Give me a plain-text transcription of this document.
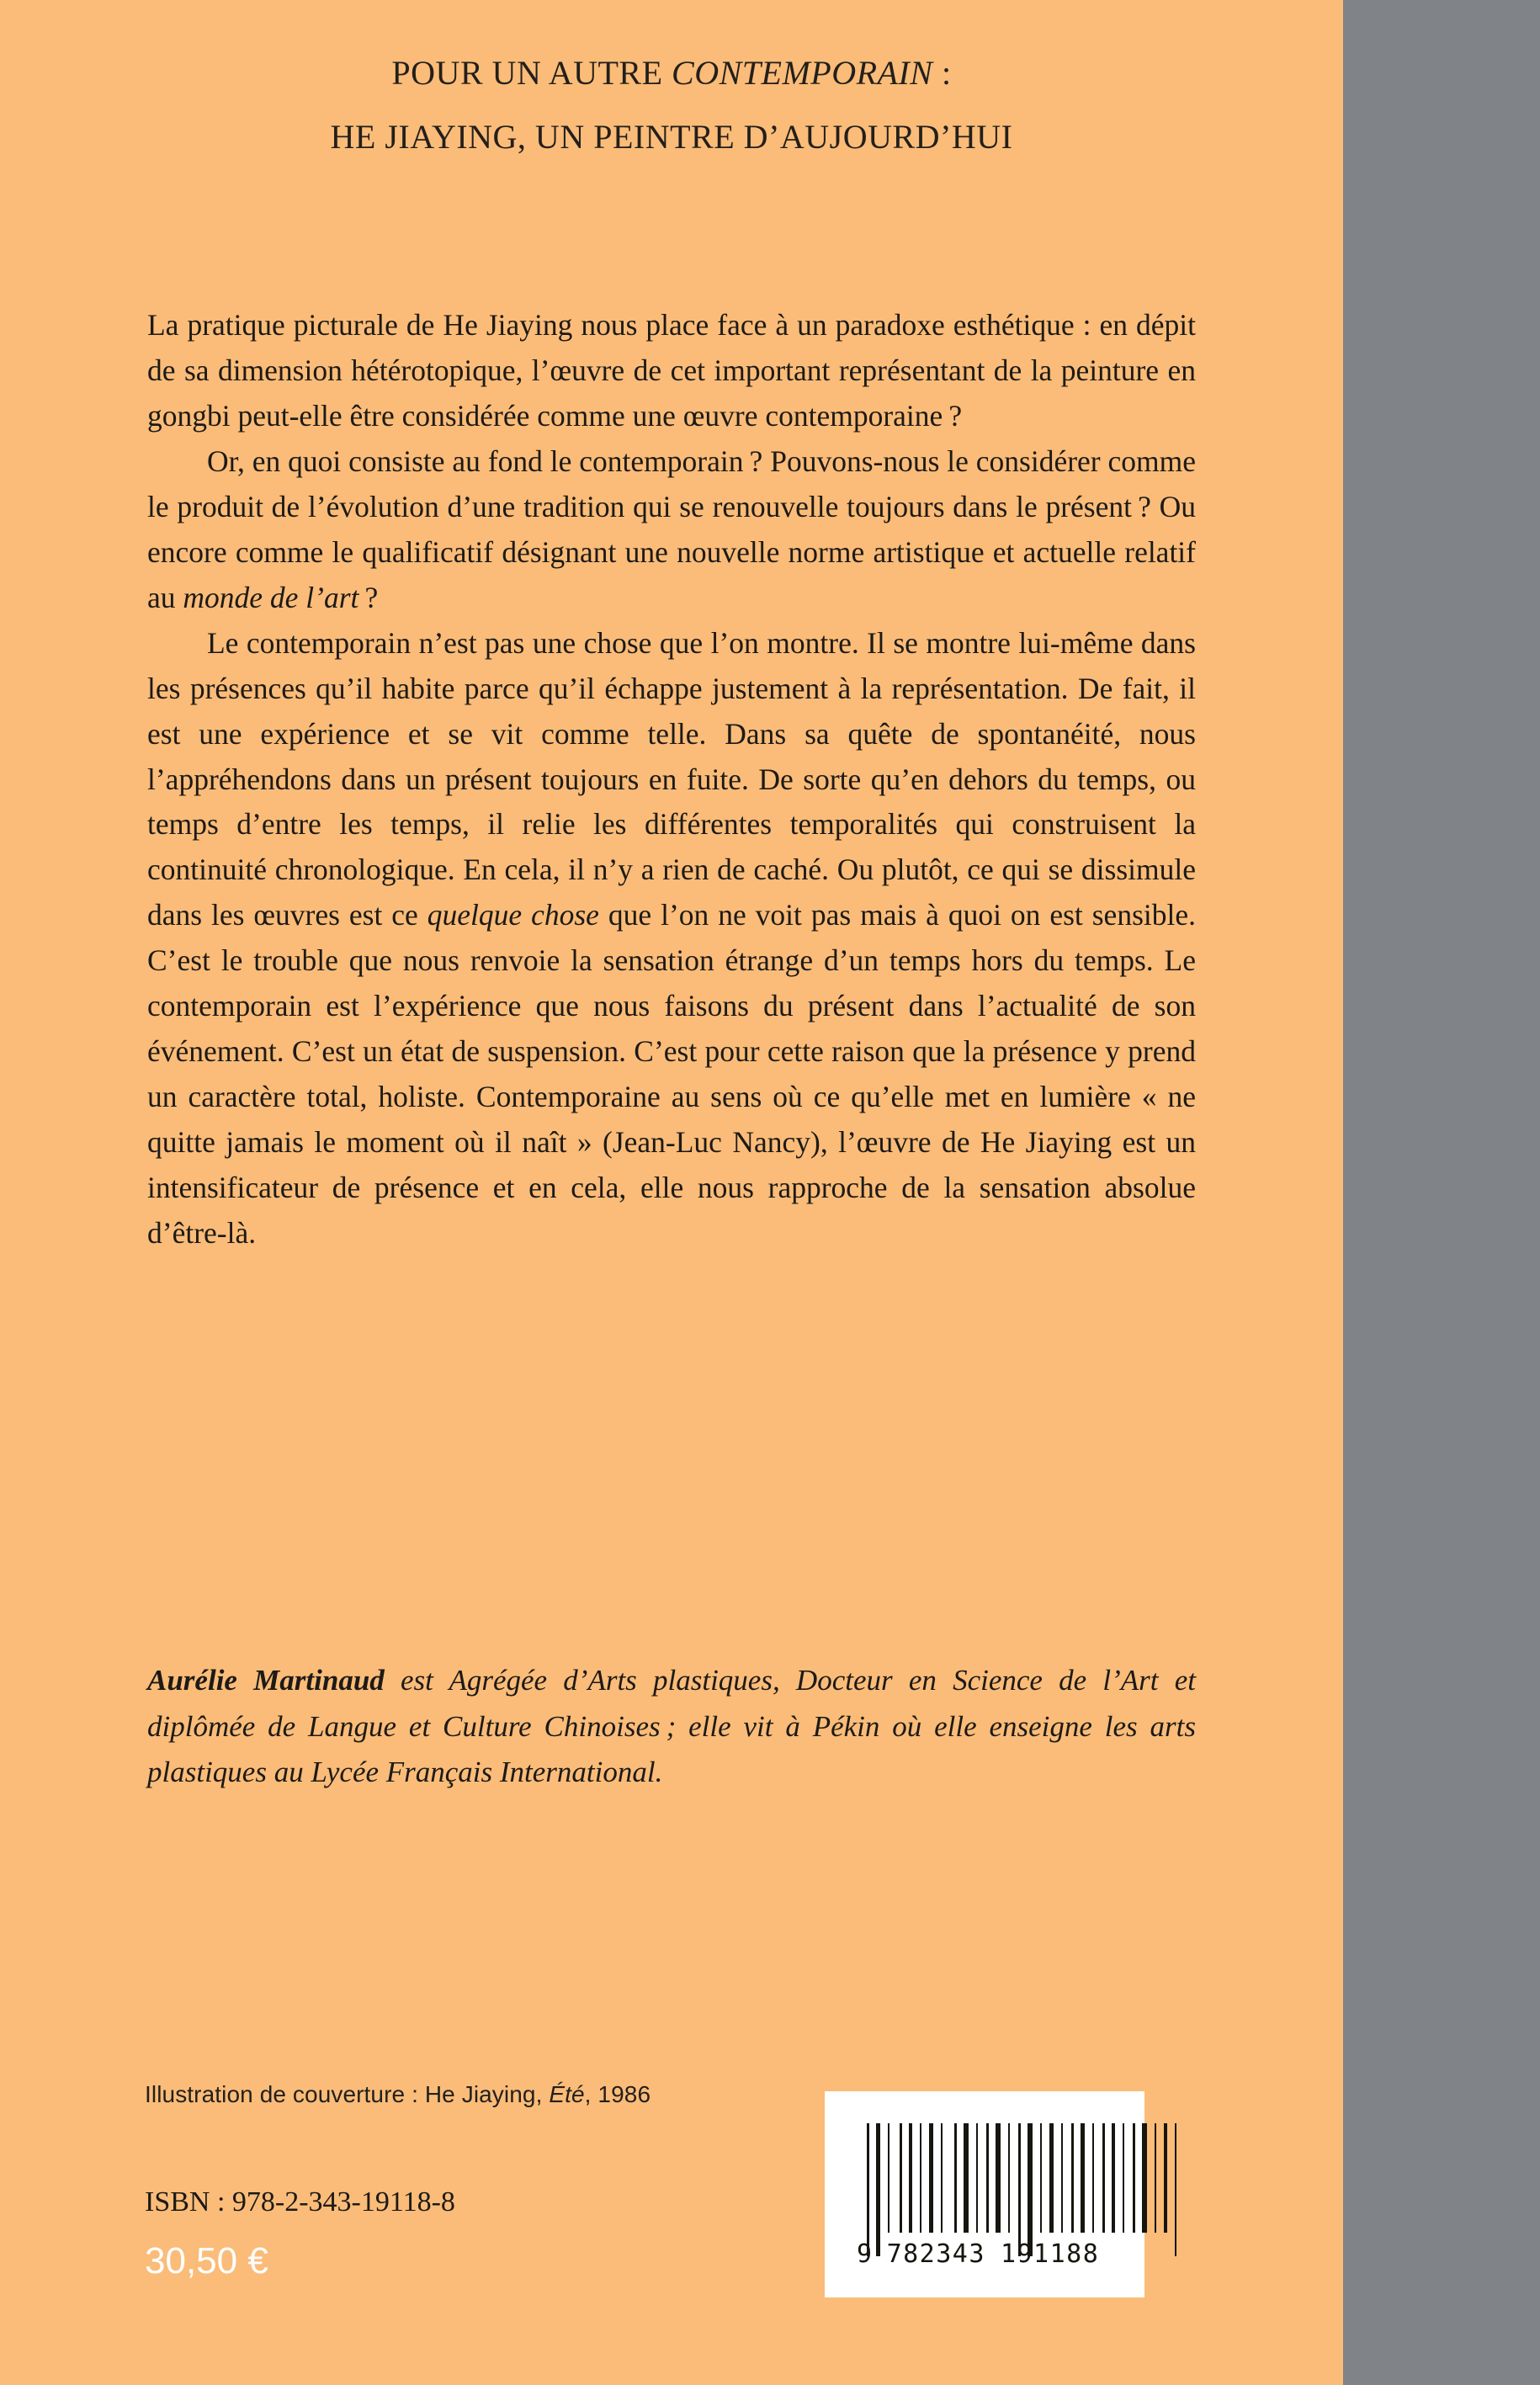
POUR UN AUTRE CONTEMPORAIN :
HE JIAYING, UN PEINTRE D’AUJOURD’HUI

La pratique picturale de He Jiaying nous place face à un paradoxe esthétique : en dépit de sa dimension hétérotopique, l’œuvre de cet important représentant de la peinture en gongbi peut-elle être considérée comme une œuvre contemporaine ?

Or, en quoi consiste au fond le contemporain ? Pouvons-nous le considérer comme le produit de l’évolution d’une tradition qui se renouvelle toujours dans le présent ? Ou encore comme le qualificatif désignant une nouvelle norme artistique et actuelle relatif au monde de l’art ?

Le contemporain n’est pas une chose que l’on montre. Il se montre lui-même dans les présences qu’il habite parce qu’il échappe justement à la représentation. De fait, il est une expérience et se vit comme telle. Dans sa quête de spontanéité, nous l’appréhendons dans un présent toujours en fuite. De sorte qu’en dehors du temps, ou temps d’entre les temps, il relie les différentes temporalités qui construisent la continuité chronologique. En cela, il n’y a rien de caché. Ou plutôt, ce qui se dissimule dans les œuvres est ce quelque chose que l’on ne voit pas mais à quoi on est sensible. C’est le trouble que nous renvoie la sensation étrange d’un temps hors du temps. Le contemporain est l’expérience que nous faisons du présent dans l’actualité de son événement. C’est un état de suspension. C’est pour cette raison que la présence y prend un caractère total, holiste. Contemporaine au sens où ce qu’elle met en lumière « ne quitte jamais le moment où il naît » (Jean-Luc Nancy), l’œuvre de He Jiaying est un intensificateur de présence et en cela, elle nous rapproche de la sensation absolue d’être-là.

Aurélie Martinaud est Agrégée d’Arts plastiques, Docteur en Science de l’Art et diplômée de Langue et Culture Chinoises ; elle vit à Pékin où elle enseigne les arts plastiques au Lycée Français International.
Illustration de couverture : He Jiaying, Été, 1986
ISBN : 978-2-343-19118-8
30,50 €	9 782343 191188
